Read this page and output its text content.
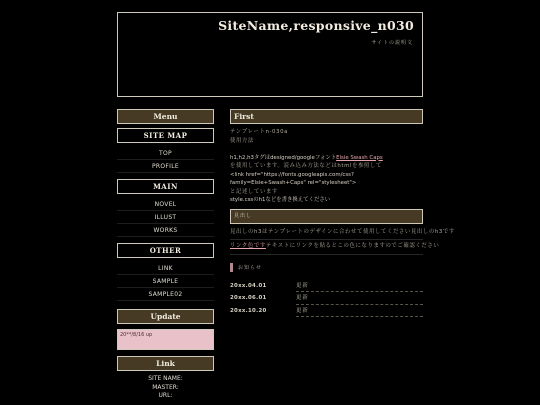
SiteName,responsive_n030
サイトの説明文
Menu
SITE MAP
TOP
PROFILE
MAIN
NOVEL
ILLUST
WORKS
OTHER
LINK
SAMPLE
SAMPLE02
Update
20**/8/16 up
Link
SITE NAME:
MASTER:
URL:
First
テンプレートn-030a
使用方法
h1,h2,h3タグはdesigned/googleフォントElsie Swash Caps
を使用しています。読み込み方法などはhtmlを参照して
<link href="https://fonts.googleapis.com/css?
family=Elsie+Swash+Caps" rel="stylesheet">
と記述しています
style.cssのh1などを書き換えてください
見出し
見出しのh3はテンプレートのデザインに合わせて使用してください見出しのh3です
リンク色ですテキストにリンクを貼るとこの色になりますのでご確認ください
お知らせ
20xx.04.01	更新
20xx.06.01	更新
20xx.10.20	更新
